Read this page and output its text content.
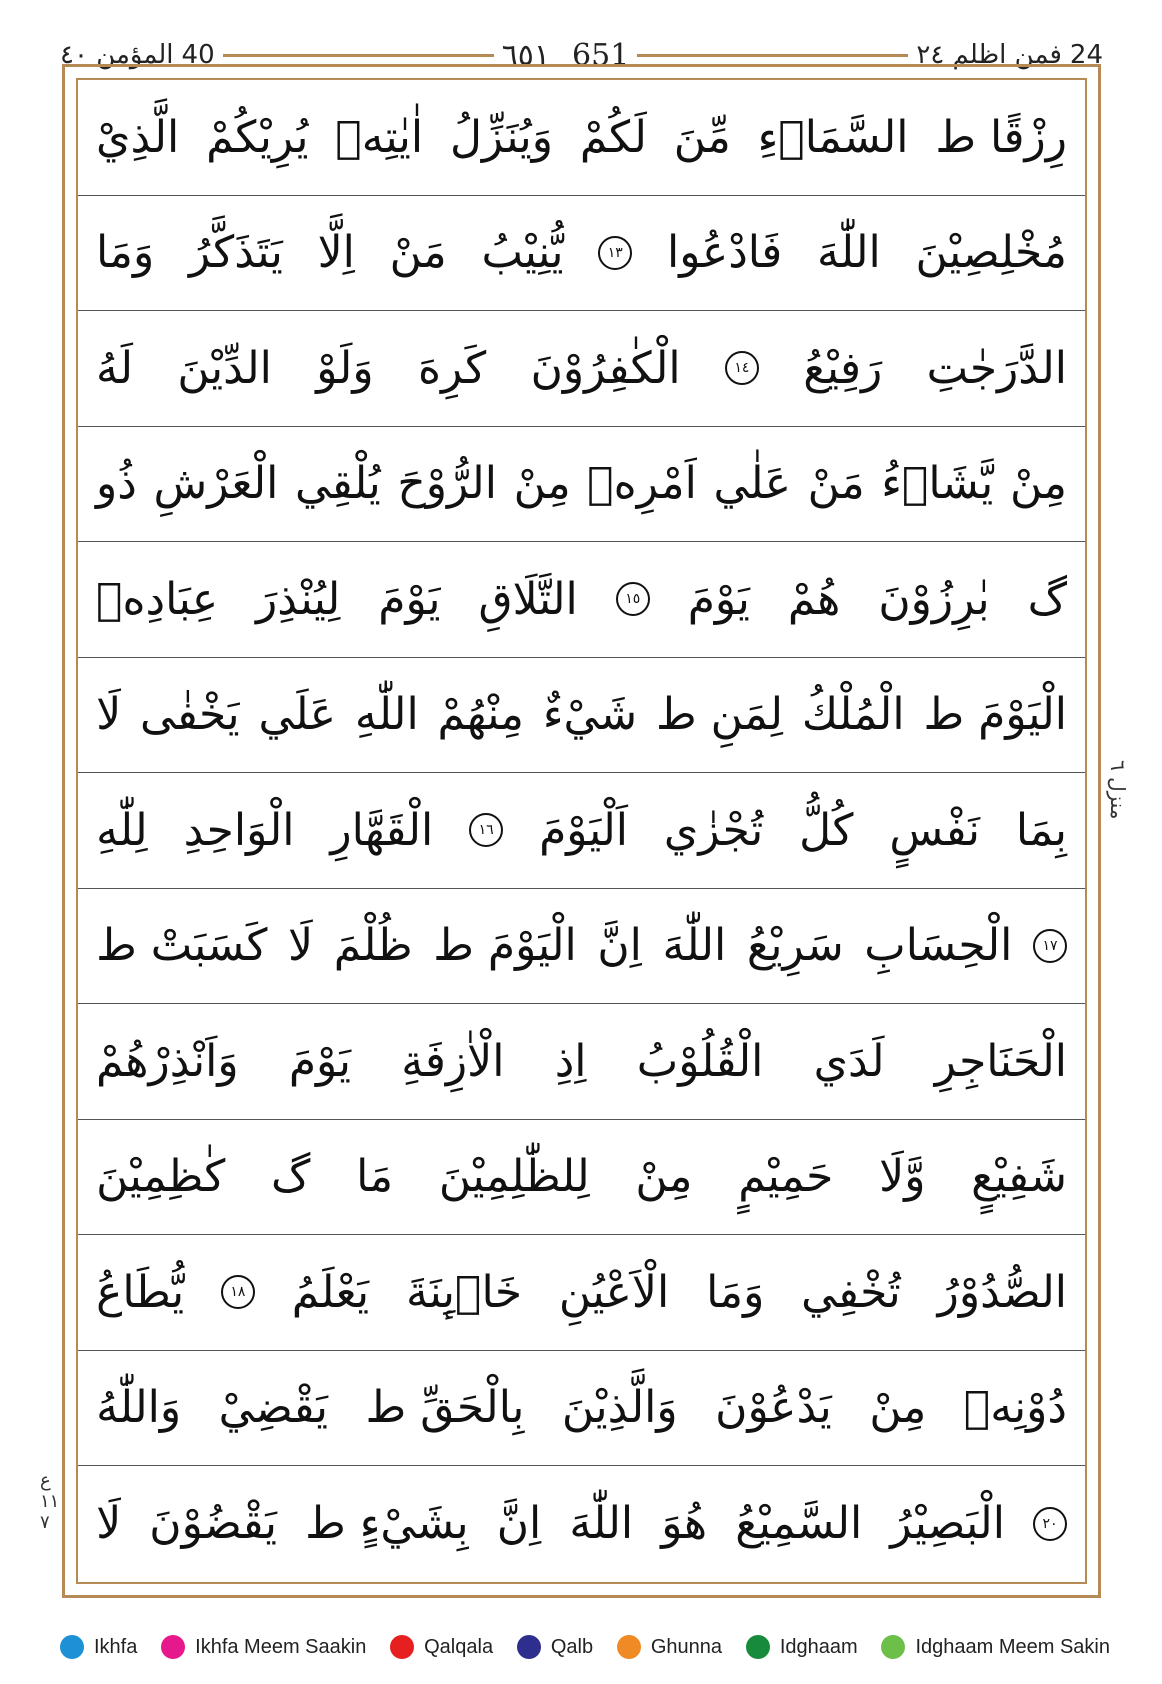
المؤمن ٤٠ 40	٦٥١ 651	فمن اظلم ٢٤ 24
رِزْقًا ط
السَّمَاۗءِ
مِّنَ
لَكُمْ
وَيُنَزِّلُ
اٰيٰتِهٖ
يُرِيْكُمْ
الَّذِيْ
مُخْلِصِيْنَ
اللّٰهَ
فَادْعُوا
١٣
يُّنِيْبُ
مَنْ
اِلَّا
يَتَذَكَّرُ
وَمَا
الدَّرَجٰتِ
رَفِيْعُ
١٤
الْكٰفِرُوْنَ
كَرِهَ
وَلَوْ
الدِّيْنَ
لَهُ
مِنْ
يَّشَاۗءُ
مَنْ
عَلٰي
اَمْرِهٖ
مِنْ
الرُّوْحَ
يُلْقِي
الْعَرْشِ
ذُو
ﮒ
بٰرِزُوْنَ
هُمْ
يَوْمَ
١٥
التَّلَاقِ
يَوْمَ
لِيُنْذِرَ
عِبَادِهٖ
الْيَوْمَ ط
الْمُلْكُ
لِمَنِ ط
شَيْءٌ
مِنْهُمْ
اللّٰهِ
عَلَي
يَخْفٰى
لَا
بِمَا
نَفْسٍ
كُلُّ
تُجْزٰي
اَلْيَوْمَ
١٦
الْقَهَّارِ
الْوَاحِدِ
لِلّٰهِ
١٧
الْحِسَابِ
سَرِيْعُ
اللّٰهَ
اِنَّ
الْيَوْمَ ط
ظُلْمَ
لَا
كَسَبَتْ ط
الْحَنَاجِرِ
لَدَي
الْقُلُوْبُ
اِذِ
الْاٰزِفَةِ
يَوْمَ
وَاَنْذِرْهُمْ
شَفِيْعٍ
وَّلَا
حَمِيْمٍ
مِنْ
لِلظّٰلِمِيْنَ
مَا
ﮒ
كٰظِمِيْنَ
الصُّدُوْرُ
تُخْفِي
وَمَا
الْاَعْيُنِ
خَاۗىِٕنَةَ
يَعْلَمُ
١٨
يُّطَاعُ
دُوْنِهٖ
مِنْ
يَدْعُوْنَ
وَالَّذِيْنَ
بِالْحَقِّ ط
يَقْضِيْ
وَاللّٰهُ
٢٠
الْبَصِيْرُ
السَّمِيْعُ
هُوَ
اللّٰهَ
اِنَّ
بِشَيْءٍ ط
يَقْضُوْنَ
لَا
منزل ٦
ع ١١ ٧
Ikhfa	Ikhfa Meem Saakin	Qalqala	Qalb	Ghunna	Idghaam	Idghaam Meem Sakin
